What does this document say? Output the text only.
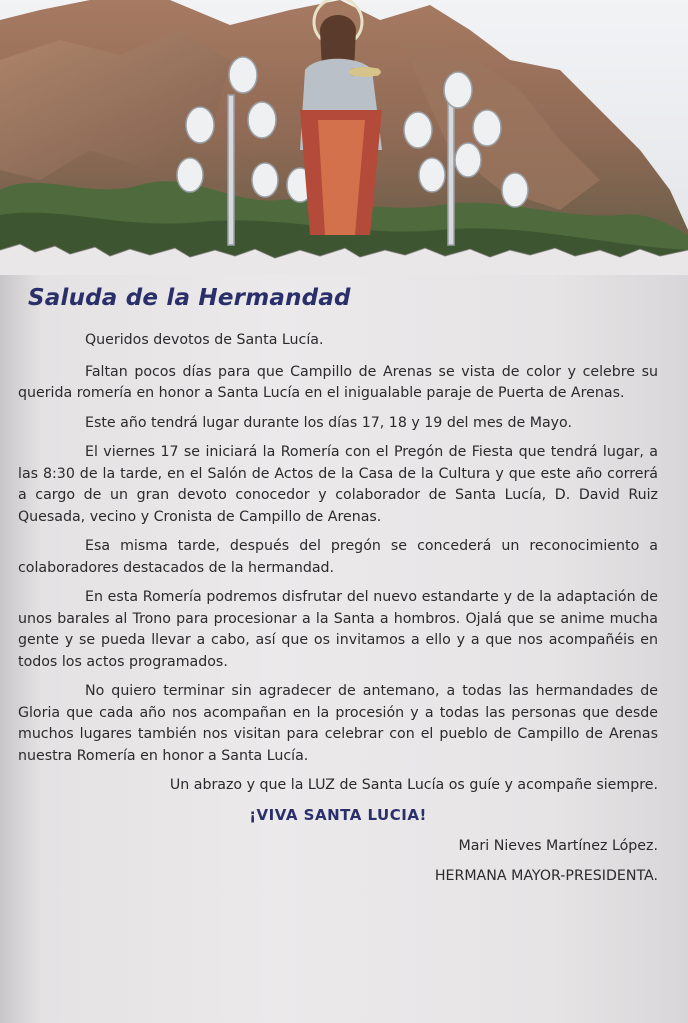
Saluda de la Hermandad

Queridos devotos de Santa Lucía.

Faltan pocos días para que Campillo de Arenas se vista de color y celebre su querida romería en honor a Santa Lucía en el inigualable paraje de Puerta de Arenas.

Este año tendrá lugar durante los días 17, 18 y 19 del mes de Mayo.

El viernes 17 se iniciará la Romería con el Pregón de Fiesta que tendrá lugar, a las 8:30 de la tarde, en el Salón de Actos de la Casa de la Cultura y que este año correrá a cargo de un gran devoto conocedor y colaborador de Santa Lucía, D. David Ruiz Quesada, vecino y Cronista de Campillo de Arenas.

Esa misma tarde, después del pregón se concederá un reconocimiento a colaboradores destacados de la hermandad.

En esta Romería podremos disfrutar del nuevo estandarte y de la adaptación de unos barales al Trono para procesionar a la Santa a hombros. Ojalá que se anime mucha gente y se pueda llevar a cabo, así que os invitamos a ello y a que nos acompañéis en todos los actos programados.

No quiero terminar sin agradecer de antemano, a todas las hermandades de Gloria que cada año nos acompañan en la procesión y a todas las personas que desde muchos lugares también nos visitan para celebrar con el pueblo de Campillo de Arenas nuestra Romería en honor a Santa Lucía.

Un abrazo y que la LUZ de Santa Lucía os guíe y acompañe siempre.

¡VIVA SANTA LUCIA!

Mari Nieves Martínez López.

HERMANA MAYOR-PRESIDENTA.
